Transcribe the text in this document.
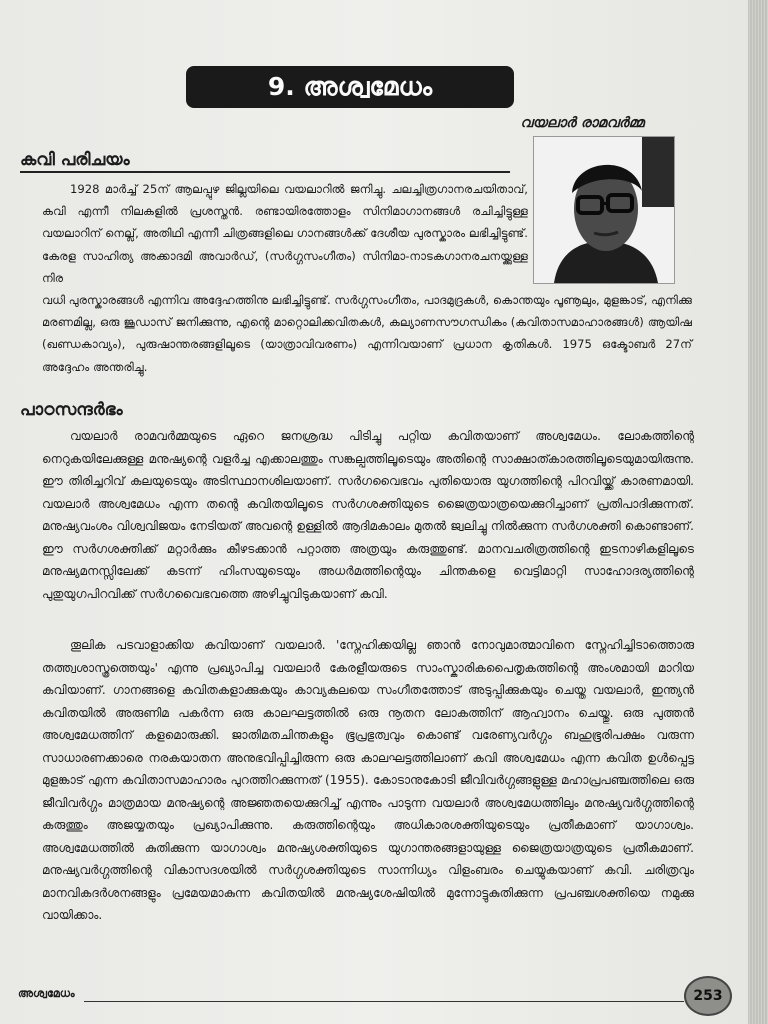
9. അശ്വമേധം
വയലാർ രാമവർമ്മ
കവി പരിചയം

1928 മാർച്ച് 25ന് ആലപ്പുഴ ജില്ലയിലെ വയലാറിൽ ജനിച്ചു. ചലച്ചിത്രഗാനരചയിതാവ്, കവി എന്നീ നിലകളിൽ പ്രശസ്തൻ. രണ്ടായിരത്തോളം സിനിമാഗാനങ്ങൾ രചിച്ചിട്ടുള്ള വയലാറിന് നെല്ല്, അതിഥി എന്നീ ചിത്രങ്ങളിലെ ഗാനങ്ങൾക്ക് ദേശീയ പുരസ്കാരം ലഭിച്ചിട്ടുണ്ട്. കേരള സാഹിത്യ അക്കാദമി അവാർഡ്, (സർഗ്ഗസംഗീതം) സിനിമാ-നാടകഗാനരചനയ്ക്കുള്ള നിര

വധി പുരസ്കാരങ്ങൾ എന്നിവ അദ്ദേഹത്തിനു ലഭിച്ചിട്ടുണ്ട്. സർഗ്ഗസംഗീതം, പാദമുദ്രകൾ, കൊന്തയും പൂണൂലും, മുളങ്കാട്, എനിക്കു മരണമില്ല, ഒരു ജൂഡാസ് ജനിക്കുന്നു, എന്റെ മാറ്റൊലിക്കവിതകൾ, കല്യാണസൗഗന്ധികം (കവിതാസമാഹാരങ്ങൾ) ആയിഷ (ഖണ്ഡകാവ്യം), പുരുഷാന്തരങ്ങളിലൂടെ (യാത്രാവിവരണം) എന്നിവയാണ് പ്രധാന കൃതികൾ. 1975 ഒക്ടോബർ 27ന് അദ്ദേഹം അന്തരിച്ചു.

പാഠസന്ദർഭം

വയലാർ രാമവർമ്മയുടെ ഏറെ ജനശ്രദ്ധ പിടിച്ചു പറ്റിയ കവിതയാണ് അശ്വമേധം. ലോകത്തിന്റെ നെറുകയിലേക്കുള്ള മനുഷ്യന്റെ വളർച്ച എക്കാലത്തും സങ്കല്പത്തിലൂടെയും അതിന്റെ സാക്ഷാത്കാരത്തിലൂടെയുമായിരുന്നു. ഈ തിരിച്ചറിവ് കലയുടെയും അടിസ്ഥാനശിലയാണ്. സർഗവൈഭവം പുതിയൊരു യുഗത്തിന്റെ പിറവിയ്ക്ക് കാരണമായി. വയലാർ അശ്വമേധം എന്ന തന്റെ കവിതയിലൂടെ സർഗശക്തിയുടെ ജൈത്രയാത്രയെക്കുറിച്ചാണ് പ്രതിപാദിക്കുന്നത്. മനുഷ്യവംശം വിശ്വവിജയം നേടിയത് അവന്റെ ഉള്ളിൽ ആദിമകാലം മുതൽ ജ്വലിച്ചു നിൽക്കുന്ന സർഗശക്തി കൊണ്ടാണ്. ഈ സർഗശക്തിക്ക് മറ്റാർക്കും കീഴടക്കാൻ പറ്റാത്ത അത്രയും കരുത്തുണ്ട്. മാനവചരിത്രത്തിന്റെ ഇടനാഴികളിലൂടെ മനുഷ്യമനസ്സിലേക്ക് കടന്ന് ഹിംസയുടെയും അധർമത്തിന്റെയും ചിന്തകളെ വെട്ടിമാറ്റി സാഹോദര്യത്തിന്റെ പുതുയുഗപിറവിക്ക് സർഗവൈഭവത്തെ അഴിച്ചുവിടുകയാണ് കവി.

തൂലിക പടവാളാക്കിയ കവിയാണ് വയലാർ. 'സ്നേഹിക്കയില്ല ഞാൻ നോവുമാത്മാവിനെ സ്നേഹിച്ചിടാത്തൊരു തത്ത്വശാസ്ത്രത്തെയും' എന്നു പ്രഖ്യാപിച്ച വയലാർ കേരളീയരുടെ സാംസ്കാരികപൈതൃകത്തിന്റെ അംശമായി മാറിയ കവിയാണ്. ഗാനങ്ങളെ കവിതകളാക്കുകയും കാവ്യകലയെ സംഗീതത്തോട് അടുപ്പിക്കുകയും ചെയ്ത വയലാർ, ഇന്ത്യൻ കവിതയിൽ അരുണിമ പകർന്ന ഒരു കാലഘട്ടത്തിൽ ഒരു നൂതന ലോകത്തിന് ആഹ്വാനം ചെയ്തു. ഒരു പുത്തൻ അശ്വമേധത്തിന് കളമൊരുക്കി. ജാതിമതചിന്തകളും ഭൂപ്രഭുത്വവും കൊണ്ട് വരേണ്യവർഗ്ഗം ബഹുഭൂരിപക്ഷം വരുന്ന സാധാരണക്കാരെ നരകയാതന അനുഭവിപ്പിച്ചിരുന്ന ഒരു കാലഘട്ടത്തിലാണ് കവി അശ്വമേധം എന്ന കവിത ഉൾപ്പെട്ട മുളങ്കാട് എന്ന കവിതാസമാഹാരം പുറത്തിറക്കുന്നത് (1955). കോടാനുകോടി ജീവിവർഗ്ഗങ്ങളുള്ള മഹാപ്രപഞ്ചത്തിലെ ഒരു ജീവിവർഗ്ഗം മാത്രമായ മനുഷ്യന്റെ അജ്ഞതയെക്കുറിച്ച് എന്നും പാടുന്ന വയലാർ അശ്വമേധത്തിലും മനുഷ്യവർഗ്ഗത്തിന്റെ കരുത്തും അജയ്യതയും പ്രഖ്യാപിക്കുന്നു. കരുത്തിന്റെയും അധികാരശക്തിയുടെയും പ്രതീകമാണ് യാഗാശ്വം. അശ്വമേധത്തിൽ കുതിക്കുന്ന യാഗാശ്വം മനുഷ്യശക്തിയുടെ യുഗാന്തരങ്ങളായുള്ള ജൈത്രയാത്രയുടെ പ്രതീകമാണ്. മനുഷ്യവർഗ്ഗത്തിന്റെ വികാസദശയിൽ സർഗ്ഗശക്തിയുടെ സാന്നിധ്യം വിളംബരം ചെയ്യുകയാണ് കവി. ചരിത്രവും മാനവികദർശനങ്ങളും പ്രമേയമാകുന്ന കവിതയിൽ മനുഷ്യശേഷിയിൽ മുന്നോട്ടുകുതിക്കുന്ന പ്രപഞ്ചശക്തിയെ നമുക്കു വായിക്കാം.

അശ്വമേധം	253
